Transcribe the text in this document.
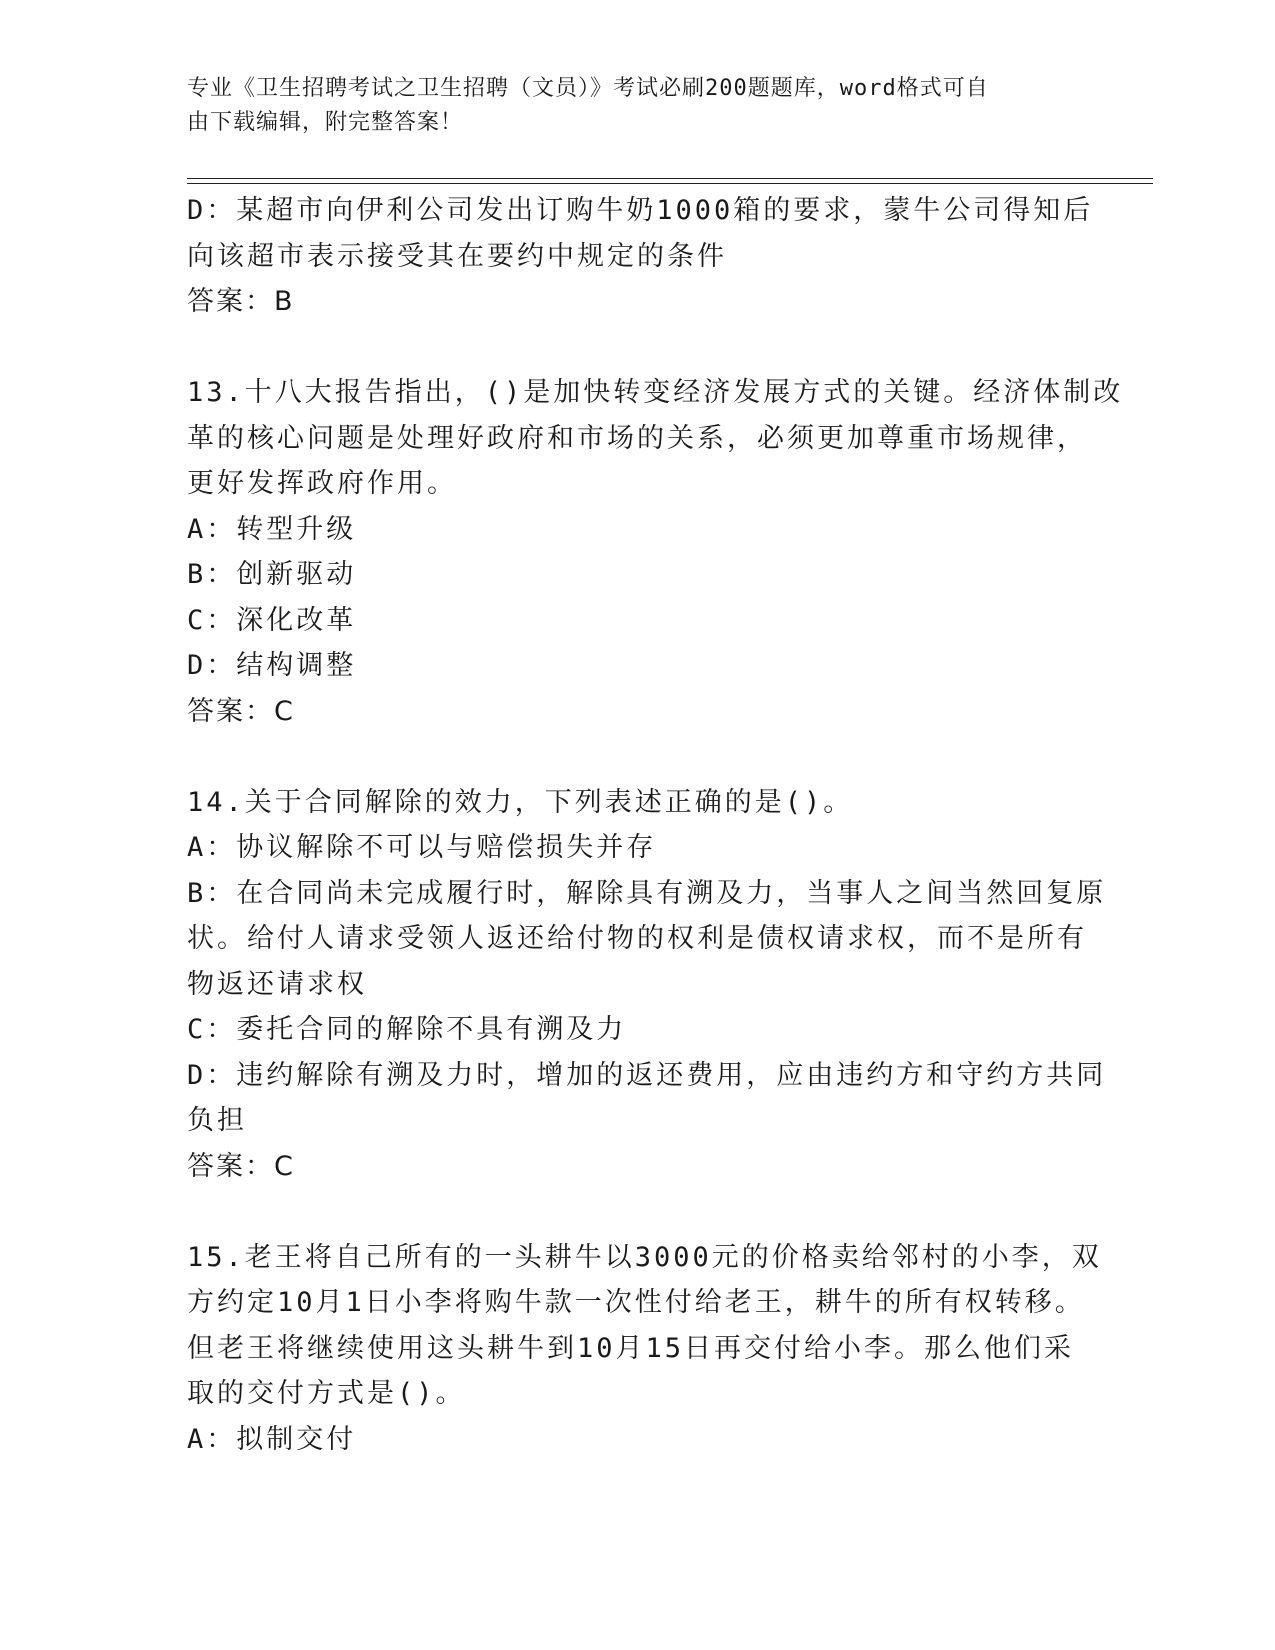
专业《卫生招聘考试之卫生招聘（文员）》考试必刷200题题库，word格式可自
由下载编辑，附完整答案！
D：某超市向伊利公司发出订购牛奶1000箱的要求，蒙牛公司得知后
向该超市表示接受其在要约中规定的条件
答案：B
13.十八大报告指出，()是加快转变经济发展方式的关键。经济体制改
革的核心问题是处理好政府和市场的关系，必须更加尊重市场规律，
更好发挥政府作用。
A：转型升级
B：创新驱动
C：深化改革
D：结构调整
答案：C
14.关于合同解除的效力，下列表述正确的是()。
A：协议解除不可以与赔偿损失并存
B：在合同尚未完成履行时，解除具有溯及力，当事人之间当然回复原
状。给付人请求受领人返还给付物的权利是债权请求权，而不是所有
物返还请求权
C：委托合同的解除不具有溯及力
D：违约解除有溯及力时，增加的返还费用，应由违约方和守约方共同
负担
答案：C
15.老王将自己所有的一头耕牛以3000元的价格卖给邻村的小李，双
方约定10月1日小李将购牛款一次性付给老王，耕牛的所有权转移。
但老王将继续使用这头耕牛到10月15日再交付给小李。那么他们采
取的交付方式是()。
A：拟制交付
